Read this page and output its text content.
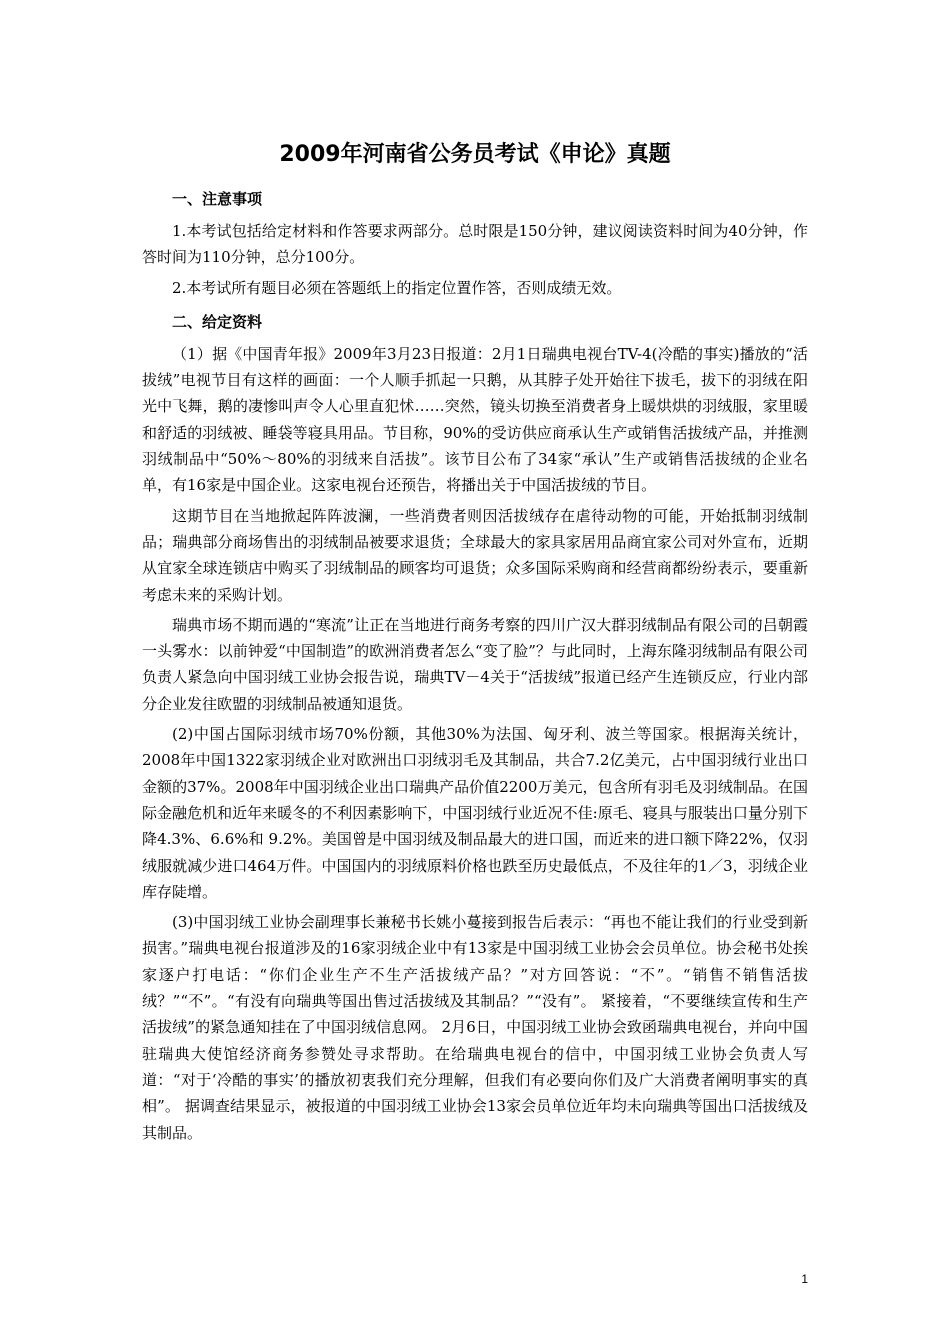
2009年河南省公务员考试《申论》真题
一、注意事项

1.本考试包括给定材料和作答要求两部分。总时限是150分钟，建议阅读资料时间为40分钟，作答时间为110分钟，总分100分。

2.本考试所有题目必须在答题纸上的指定位置作答，否则成绩无效。

二、给定资料

（1）据《中国青年报》2009年3月23日报道：2月1日瑞典电视台TV-4(冷酷的事实)播放的“活拔绒”电视节目有这样的画面：一个人顺手抓起一只鹅，从其脖子处开始往下拔毛，拔下的羽绒在阳光中飞舞，鹅的凄惨叫声令人心里直犯怵……突然，镜头切换至消费者身上暖烘烘的羽绒服，家里暖和舒适的羽绒被、睡袋等寝具用品。节目称，90%的受访供应商承认生产或销售活拔绒产品，并推测羽绒制品中“50%～80%的羽绒来自活拔”。该节目公布了34家“承认”生产或销售活拔绒的企业名单，有16家是中国企业。这家电视台还预告，将播出关于中国活拔绒的节目。

这期节目在当地掀起阵阵波澜，一些消费者则因活拔绒存在虐待动物的可能，开始抵制羽绒制品；瑞典部分商场售出的羽绒制品被要求退货；全球最大的家具家居用品商宜家公司对外宣布，近期从宜家全球连锁店中购买了羽绒制品的顾客均可退货；众多国际采购商和经营商都纷纷表示，要重新考虑未来的采购计划。

瑞典市场不期而遇的“寒流”让正在当地进行商务考察的四川广汉大群羽绒制品有限公司的吕朝霞一头雾水：以前钟爱“中国制造”的欧洲消费者怎么“变了脸”？与此同时，上海东隆羽绒制品有限公司负责人紧急向中国羽绒工业协会报告说，瑞典TV－4关于“活拔绒”报道已经产生连锁反应，行业内部分企业发往欧盟的羽绒制品被通知退货。

(2)中国占国际羽绒市场70%份额，其他30%为法国、匈牙利、波兰等国家。根据海关统计，2008年中国1322家羽绒企业对欧洲出口羽绒羽毛及其制品，共合7.2亿美元，占中国羽绒行业出口金额的37%。2008年中国羽绒企业出口瑞典产品价值2200万美元，包含所有羽毛及羽绒制品。在国际金融危机和近年来暖冬的不利因素影响下，中国羽绒行业近况不佳:原毛、寝具与服装出口量分别下降4.3%、6.6%和 9.2%。美国曾是中国羽绒及制品最大的进口国，而近来的进口额下降22%，仅羽绒服就减少进口464万件。中国国内的羽绒原料价格也跌至历史最低点，不及往年的1／3，羽绒企业库存陡增。

(3)中国羽绒工业协会副理事长兼秘书长姚小蔓接到报告后表示：“再也不能让我们的行业受到新损害。”瑞典电视台报道涉及的16家羽绒企业中有13家是中国羽绒工业协会会员单位。协会秘书处挨家逐户打电话：“你们企业生产不生产活拔绒产品？”对方回答说：“不”。“销售不销售活拔绒？”“不”。“有没有向瑞典等国出售过活拔绒及其制品？”“没有”。 紧接着，“不要继续宣传和生产活拔绒”的紧急通知挂在了中国羽绒信息网。 2月6日，中国羽绒工业协会致函瑞典电视台，并向中国驻瑞典大使馆经济商务参赞处寻求帮助。在给瑞典电视台的信中，中国羽绒工业协会负责人写道：“对于‘冷酷的事实’的播放初衷我们充分理解，但我们有必要向你们及广大消费者阐明事实的真相”。 据调查结果显示，被报道的中国羽绒工业协会13家会员单位近年均未向瑞典等国出口活拔绒及其制品。

1
